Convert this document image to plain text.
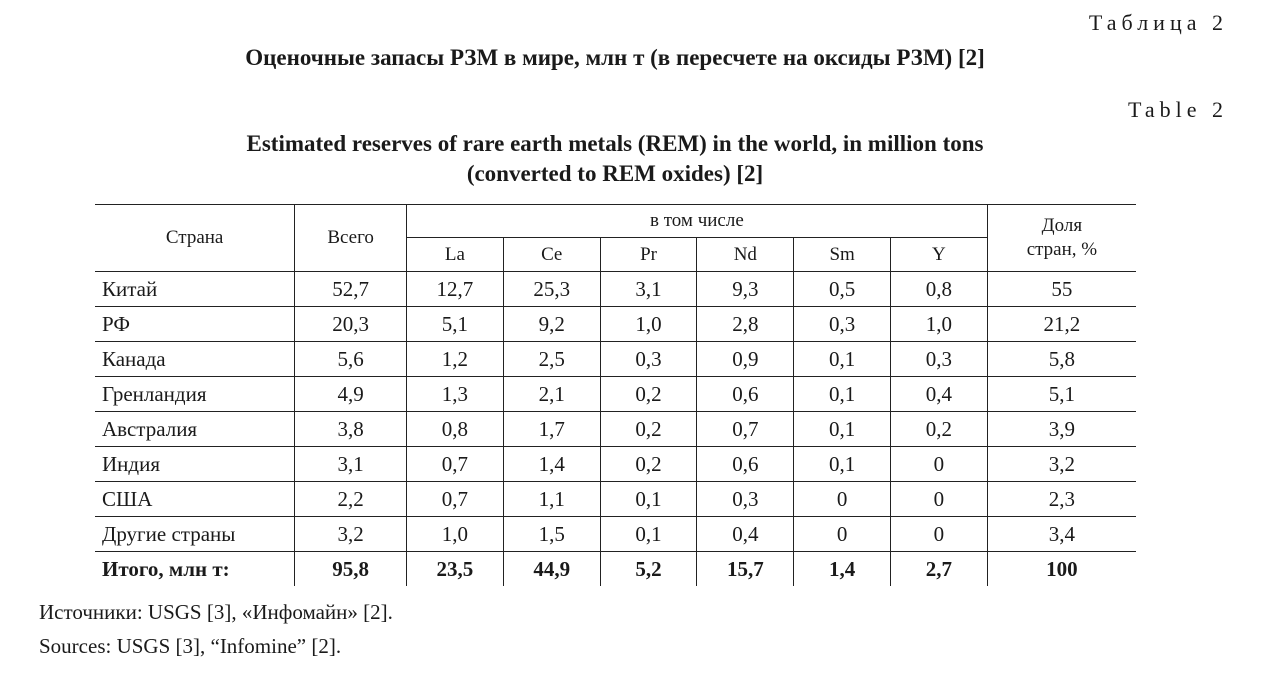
Таблица 2
Оценочные запасы РЗМ в мире, млн т (в пересчете на оксиды РЗМ) [2]
Table 2
Estimated reserves of rare earth metals (REM) in the world, in million tons
(converted to REM oxides) [2]
Страна	Всего	в том числе						Доля
стран, %
		La	Ce	Pr	Nd	Sm	Y	
Китай	52,7	12,7	25,3	3,1	9,3	0,5	0,8	55
РФ	20,3	5,1	9,2	1,0	2,8	0,3	1,0	21,2
Канада	5,6	1,2	2,5	0,3	0,9	0,1	0,3	5,8
Гренландия	4,9	1,3	2,1	0,2	0,6	0,1	0,4	5,1
Австралия	3,8	0,8	1,7	0,2	0,7	0,1	0,2	3,9
Индия	3,1	0,7	1,4	0,2	0,6	0,1	0	3,2
США	2,2	0,7	1,1	0,1	0,3	0	0	2,3
Другие страны	3,2	1,0	1,5	0,1	0,4	0	0	3,4
Итого, млн т:	95,8	23,5	44,9	5,2	15,7	1,4	2,7	100
Источники: USGS [3], «Инфомайн» [2].
Sources: USGS [3], “Infomine” [2].
